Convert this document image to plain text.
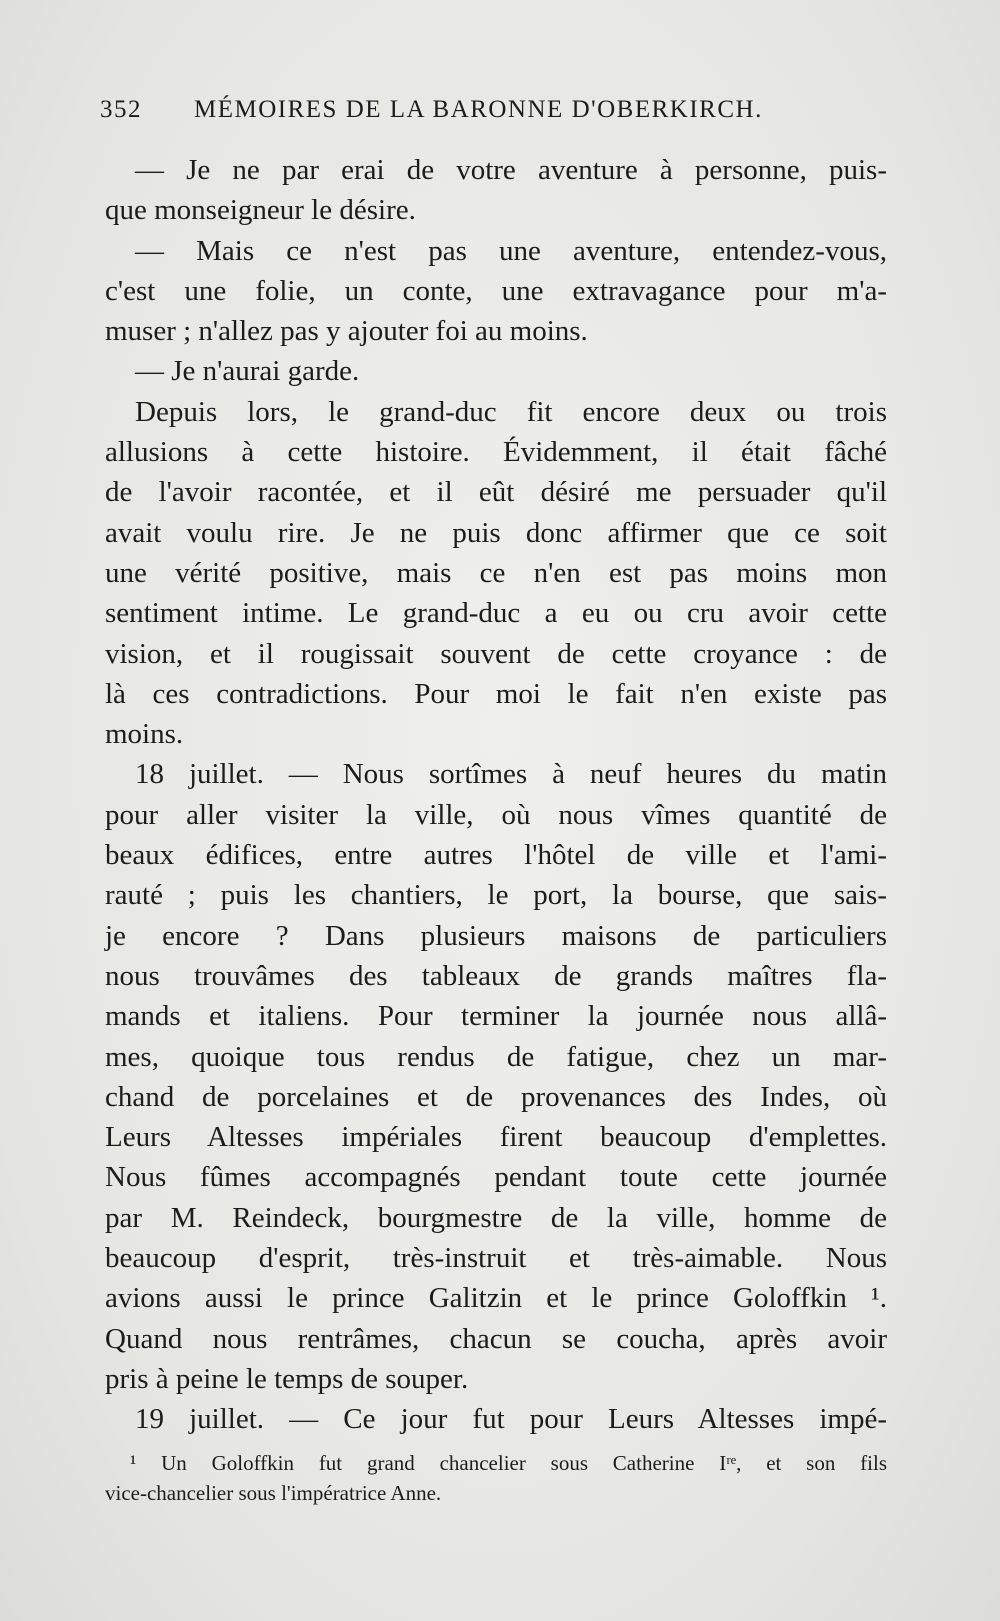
352 MÉMOIRES DE LA BARONNE D'OBERKIRCH.
— Je ne par erai de votre aventure à personne, puis-
que monseigneur le désire.
— Mais ce n'est pas une aventure, entendez-vous,
c'est une folie, un conte, une extravagance pour m'a-
muser ; n'allez pas y ajouter foi au moins.
— Je n'aurai garde.
Depuis lors, le grand-duc fit encore deux ou trois
allusions à cette histoire. Évidemment, il était fâché
de l'avoir racontée, et il eût désiré me persuader qu'il
avait voulu rire. Je ne puis donc affirmer que ce soit
une vérité positive, mais ce n'en est pas moins mon
sentiment intime. Le grand-duc a eu ou cru avoir cette
vision, et il rougissait souvent de cette croyance : de
là ces contradictions. Pour moi le fait n'en existe pas
moins.
18 juillet. — Nous sortîmes à neuf heures du matin
pour aller visiter la ville, où nous vîmes quantité de
beaux édifices, entre autres l'hôtel de ville et l'ami-
rauté ; puis les chantiers, le port, la bourse, que sais-
je encore ? Dans plusieurs maisons de particuliers
nous trouvâmes des tableaux de grands maîtres fla-
mands et italiens. Pour terminer la journée nous allâ-
mes, quoique tous rendus de fatigue, chez un mar-
chand de porcelaines et de provenances des Indes, où
Leurs Altesses impériales firent beaucoup d'emplettes.
Nous fûmes accompagnés pendant toute cette journée
par M. Reindeck, bourgmestre de la ville, homme de
beaucoup d'esprit, très-instruit et très-aimable. Nous
avions aussi le prince Galitzin et le prince Goloffkin ¹.
Quand nous rentrâmes, chacun se coucha, après avoir
pris à peine le temps de souper.
19 juillet. — Ce jour fut pour Leurs Altesses impé-
¹ Un Goloffkin fut grand chancelier sous Catherine Iʳᵉ, et son fils
vice-chancelier sous l'impératrice Anne.
